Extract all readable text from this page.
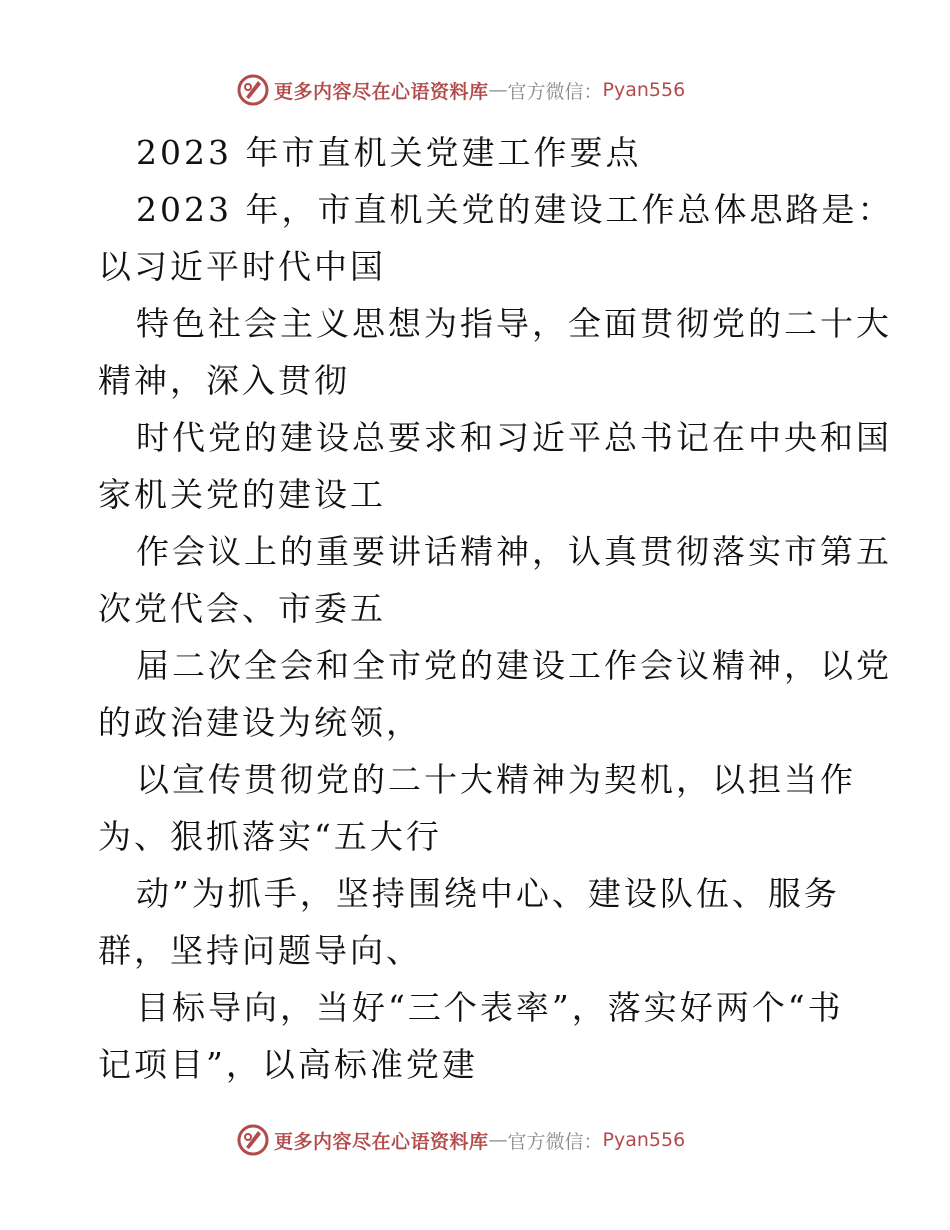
更多内容尽在心语资料库 — 官方微信： Pyan556
2023 年市直机关党建工作要点
2023 年，市直机关党的建设工作总体思路是：
以习近平时代中国
特色社会主义思想为指导，全面贯彻党的二十大
精神，深入贯彻
时代党的建设总要求和习近平总书记在中央和国
家机关党的建设工
作会议上的重要讲话精神，认真贯彻落实市第五
次党代会、市委五
届二次全会和全市党的建设工作会议精神，以党
的政治建设为统领，
以宣传贯彻党的二十大精神为契机，以担当作
为、狠抓落实“五大行
动”为抓手，坚持围绕中心、建设队伍、服务
群，坚持问题导向、
目标导向，当好“三个表率”，落实好两个“书
记项目”，以高标准党建
更多内容尽在心语资料库 — 官方微信： Pyan556
